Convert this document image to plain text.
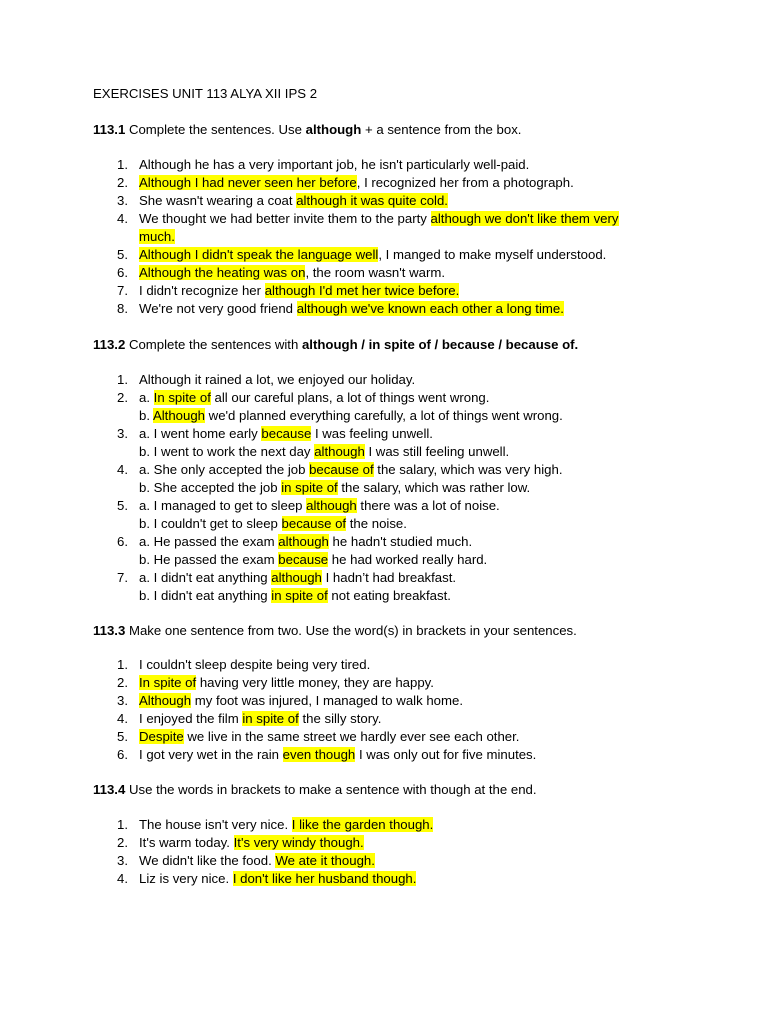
EXERCISES UNIT 113 ALYA XII IPS 2

113.1 Complete the sentences. Use although + a sentence from the box.

1. Although he has a very important job, he isn't particularly well-paid.
2. Although I had never seen her before, I recognized her from a photograph.
3. She wasn't wearing a coat although it was quite cold.
4. We thought we had better invite them to the party although we don't like them very
much.
5. Although I didn't speak the language well, I manged to make myself understood.
6. Although the heating was on, the room wasn't warm.
7. I didn't recognize her although I'd met her twice before.
8. We're not very good friend although we've known each other a long time.

113.2 Complete the sentences with although / in spite of / because / because of.

1. Although it rained a lot, we enjoyed our holiday.
2. a. In spite of all our careful plans, a lot of things went wrong.
b. Although we'd planned everything carefully, a lot of things went wrong.
3. a. I went home early because I was feeling unwell.
b. I went to work the next day although I was still feeling unwell.
4. a. She only accepted the job because of the salary, which was very high.
b. She accepted the job in spite of the salary, which was rather low.
5. a. I managed to get to sleep although there was a lot of noise.
b. I couldn't get to sleep because of the noise.
6. a. He passed the exam although he hadn't studied much.
b. He passed the exam because he had worked really hard.
7. a. I didn't eat anything although I hadn’t had breakfast.
b. I didn't eat anything in spite of not eating breakfast.

113.3 Make one sentence from two. Use the word(s) in brackets in your sentences.

1. I couldn't sleep despite being very tired.
2. In spite of having very little money, they are happy.
3. Although my foot was injured, I managed to walk home.
4. I enjoyed the film in spite of the silly story.
5. Despite we live in the same street we hardly ever see each other.
6. I got very wet in the rain even though I was only out for five minutes.

113.4 Use the words in brackets to make a sentence with though at the end.

1. The house isn't very nice. I like the garden though.
2. It's warm today. It's very windy though.
3. We didn't like the food. We ate it though.
4. Liz is very nice. I don't like her husband though.
